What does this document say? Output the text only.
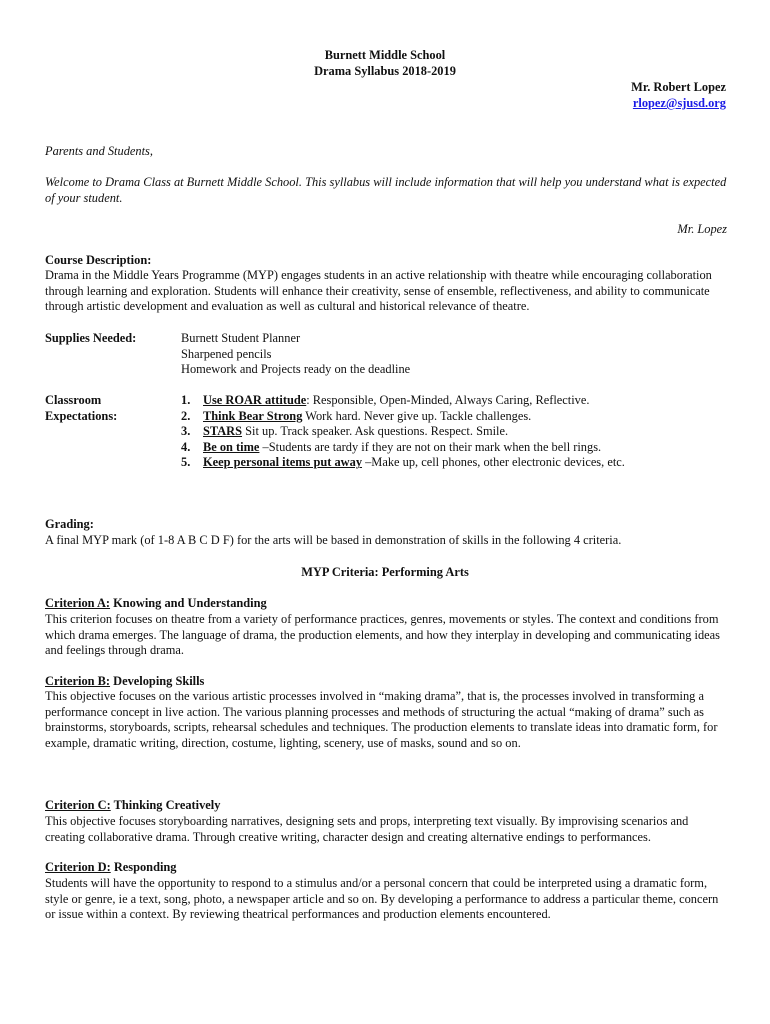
Burnett Middle School
Drama Syllabus 2018-2019
Mr. Robert Lopez
rlopez@sjusd.org
Parents and Students,
Welcome to Drama Class at Burnett Middle School. This syllabus will include information that will help you understand what is expected of your student.
Mr. Lopez
Course Description:
Drama in the Middle Years Programme (MYP) engages students in an active relationship with theatre while encouraging collaboration through learning and exploration. Students will enhance their creativity, sense of ensemble, reflectiveness, and ability to communicate through artistic development and evaluation as well as cultural and historical relevance of theatre.
Supplies Needed:	Burnett Student Planner
Sharpened pencils
Homework and Projects ready on the deadline
Classroom
Expectations:
1.	Use ROAR attitude: Responsible, Open-Minded, Always Caring, Reflective.
2.	Think Bear Strong Work hard. Never give up. Tackle challenges.
3.	STARS Sit up. Track speaker. Ask questions. Respect. Smile.
4.	Be on time –Students are tardy if they are not on their mark when the bell rings.
5.	Keep personal items put away –Make up, cell phones, other electronic devices, etc.
Grading:
A final MYP mark (of 1-8 A B C D F) for the arts will be based in demonstration of skills in the following 4 criteria.
MYP Criteria: Performing Arts
Criterion A: Knowing and Understanding
This criterion focuses on theatre from a variety of performance practices, genres, movements or styles. The context and conditions from which drama emerges. The language of drama, the production elements, and how they interplay in developing and communicating ideas and feelings through drama.
Criterion B: Developing Skills
This objective focuses on the various artistic processes involved in “making drama”, that is, the processes involved in transforming a performance concept in live action. The various planning processes and methods of structuring the actual “making of drama” such as brainstorms, storyboards, scripts, rehearsal schedules and techniques. The production elements to translate ideas into dramatic form, for example, dramatic writing, direction, costume, lighting, scenery, use of masks, sound and so on.
Criterion C: Thinking Creatively
This objective focuses storyboarding narratives, designing sets and props, interpreting text visually. By improvising scenarios and creating collaborative drama. Through creative writing, character design and creating alternative endings to performances.
Criterion D: Responding
Students will have the opportunity to respond to a stimulus and/or a personal concern that could be interpreted using a dramatic form, style or genre, ie a text, song, photo, a newspaper article and so on. By developing a performance to address a particular theme, concern or issue within a context. By reviewing theatrical performances and production elements encountered.
